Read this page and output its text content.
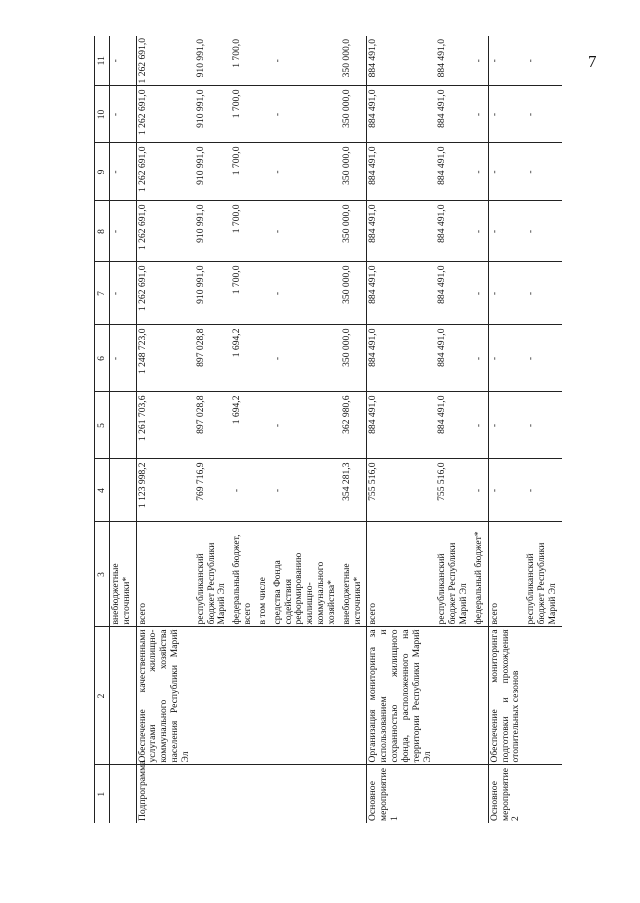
7
1	2	3	4	5	6	7	8	9	10	11
		внебюджетные источники*			-	-	-	-	-	-
Подпрограмма	Обеспечение качественными услугами жилищно-коммунального хозяйства населения Республики Марий Эл	всего	1 123 998,2	1 261 703,6	1 248 723,0	1 262 691,0	1 262 691,0	1 262 691,0	1 262 691,0	1 262 691,0
		республиканский бюджет Республики Марий Эл	769 716,9	897 028,8	897 028,8	910 991,0	910 991,0	910 991,0	910 991,0	910 991,0
		федеральный бюджет, всего	-	1 694,2	1 694,2	1 700,0	1 700,0	1 700,0	1 700,0	1 700,0
		в том числе								
		средства Фонда содействия реформированию жилищно-коммунального хозяйства*	-	-	-	-	-	-	-	-
		внебюджетные источники*	354 281,3	362 980,6	350 000,0	350 000,0	350 000,0	350 000,0	350 000,0	350 000,0
Основное мероприятие 1	Организация мониторинга за использованием и сохранностью жилищного фонда, расположенного на территории Республики Марий Эл	всего	755 516,0	884 491,0	884 491,0	884 491,0	884 491,0	884 491,0	884 491,0	884 491,0
		республиканский бюджет Республики Марий Эл	755 516,0	884 491,0	884 491,0	884 491,0	884 491,0	884 491,0	884 491,0	884 491,0
		федеральный бюджет*	-	-	-	-	-	-	-	-
Основное мероприятие 2	Обеспечение мониторинга подготовки и прохождения отопительных сезонов	всего	-	-	-	-	-	-	-	-
		республиканский бюджет Республики Марий Эл	-	-	-	-	-	-	-	-
